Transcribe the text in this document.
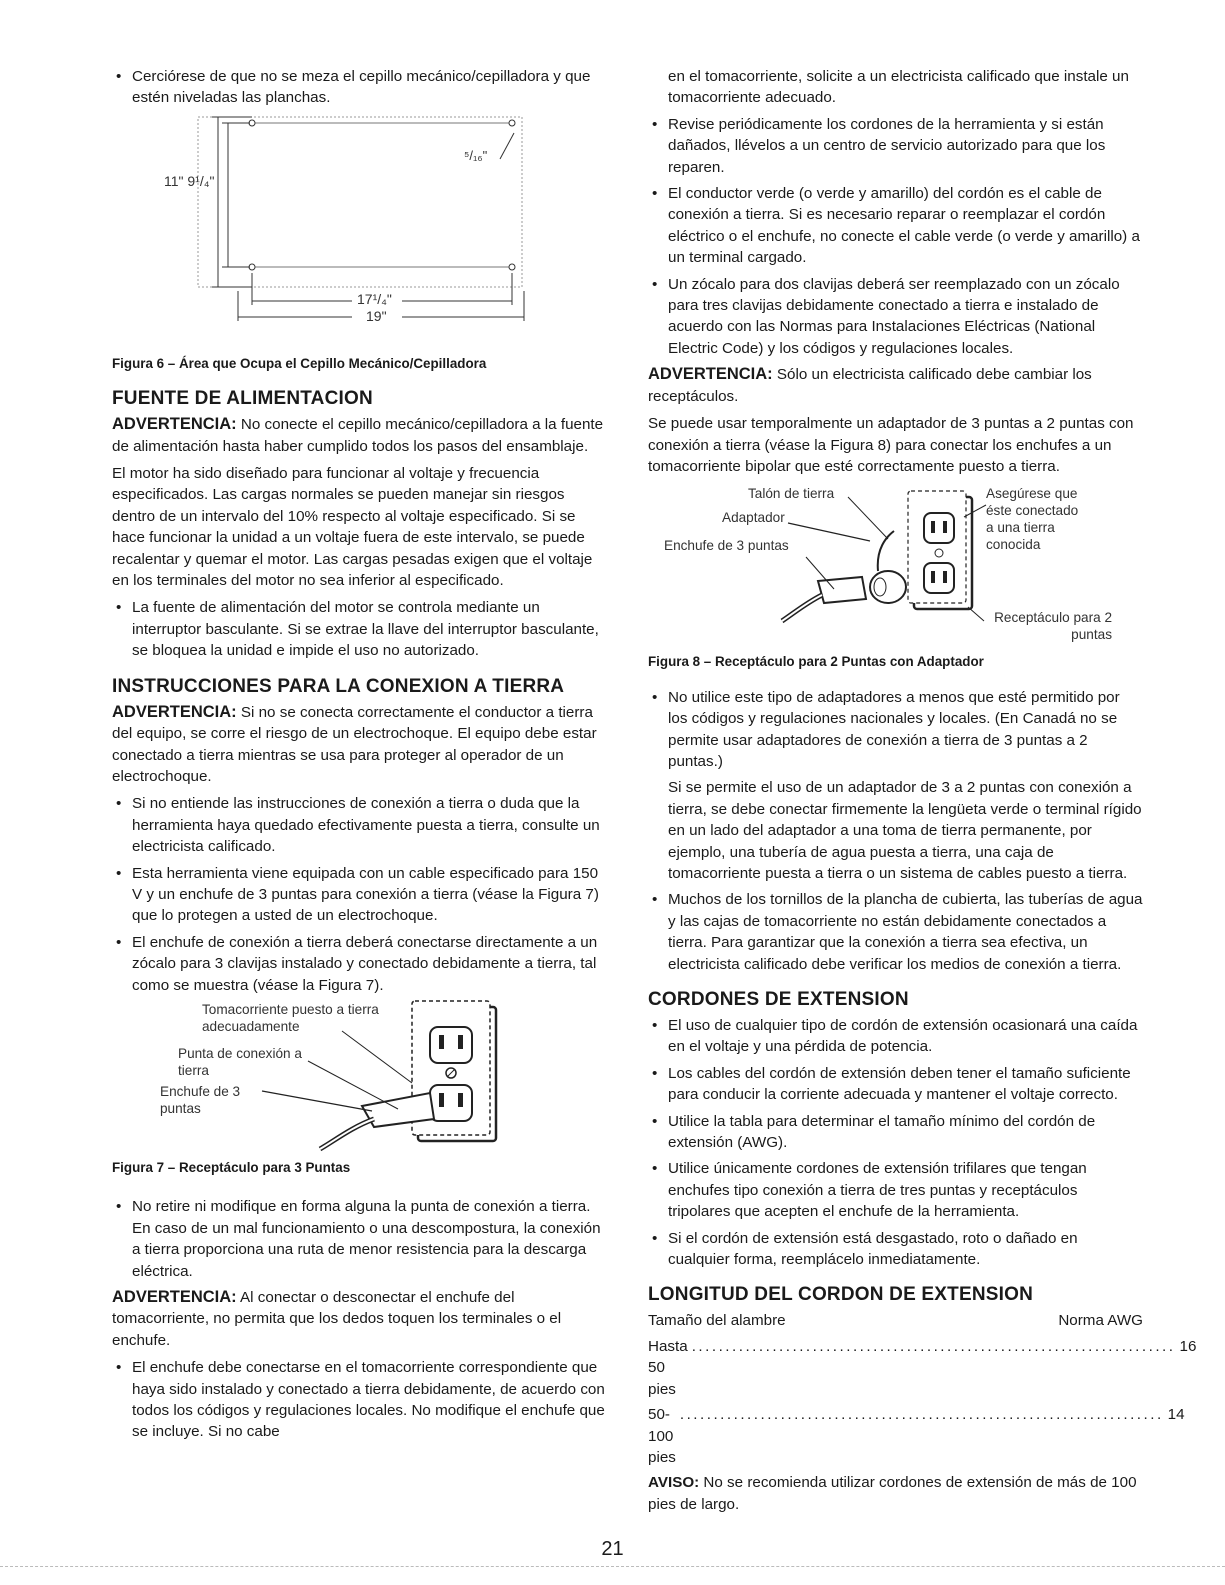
• Cerciórese de que no se meza el cepillo mecánico/cepilladora y que estén niveladas las planchas.
11" 9¹/₄"
⁵/₁₆"
17¹/₄"
19"
Figura 6 – Área que Ocupa el Cepillo Mecánico/Cepilladora
FUENTE DE ALIMENTACION

ADVERTENCIA: No conecte el cepillo mecánico/cepilladora a la fuente de alimentación hasta haber cumplido todos los pasos del ensamblaje.

El motor ha sido diseñado para funcionar al voltaje y frecuencia especificados. Las cargas normales se pueden manejar sin riesgos dentro de un intervalo del 10% respecto al voltaje especificado. Si se hace funcionar la unidad a un voltaje fuera de este intervalo, se puede recalentar y quemar el motor. Las cargas pesadas exigen que el voltaje en los terminales del motor no sea inferior al especificado.

• La fuente de alimentación del motor se controla mediante un interruptor basculante. Si se extrae la llave del interruptor basculante, se bloquea la unidad e impide el uso no autorizado.
INSTRUCCIONES PARA LA CONEXION A TIERRA

ADVERTENCIA: Si no se conecta correctamente el conductor a tierra del equipo, se corre el riesgo de un electrochoque. El equipo debe estar conectado a tierra mientras se usa para proteger al operador de un electrochoque.

• Si no entiende las instrucciones de conexión a tierra o duda que la herramienta haya quedado efectivamente puesta a tierra, consulte un electricista calificado.
• Esta herramienta viene equipada con un cable especificado para 150 V y un enchufe de 3 puntas para conexión a tierra (véase la Figura 7) que lo protegen a usted de un electrochoque.
• El enchufe de conexión a tierra deberá conectarse directamente a un zócalo para 3 clavijas instalado y conectado debidamente a tierra, tal como se muestra (véase la Figura 7).
Tomacorriente puesto a tierra adecuadamente
Punta de conexión a tierra
Enchufe de 3 puntas
Figura 7 – Receptáculo para 3 Puntas
• No retire ni modifique en forma alguna la punta de conexión a tierra. En caso de un mal funcionamiento o una descompostura, la conexión a tierra proporciona una ruta de menor resistencia para la descarga eléctrica.

ADVERTENCIA: Al conectar o desconectar el enchufe del tomacorriente, no permita que los dedos toquen los terminales o el enchufe.

• El enchufe debe conectarse en el tomacorriente correspondiente que haya sido instalado y conectado a tierra debidamente, de acuerdo con todos los códigos y regulaciones locales. No modifique el enchufe que se incluye. Si no cabe
en el tomacorriente, solicite a un electricista calificado que instale un tomacorriente adecuado.
• Revise periódicamente los cordones de la herramienta y si están dañados, llévelos a un centro de servicio autorizado para que los reparen.
• El conductor verde (o verde y amarillo) del cordón es el cable de conexión a tierra. Si es necesario reparar o reemplazar el cordón eléctrico o el enchufe, no conecte el cable verde (o verde y amarillo) a un terminal cargado.
• Un zócalo para dos clavijas deberá ser reemplazado con un zócalo para tres clavijas debidamente conectado a tierra e instalado de acuerdo con las Normas para Instalaciones Eléctricas (National Electric Code) y los códigos y regulaciones locales.

ADVERTENCIA: Sólo un electricista calificado debe cambiar los receptáculos.

Se puede usar temporalmente un adaptador de 3 puntas a 2 puntas con conexión a tierra (véase la Figura 8) para conectar los enchufes a un tomacorriente bipolar que esté correctamente puesto a tierra.

Talón de tierra
Adaptador
Enchufe de 3 puntas
Asegúrese que éste conectado a una tierra conocida
Receptáculo para 2 puntas
Figura 8 – Receptáculo para 2 Puntas con Adaptador
• No utilice este tipo de adaptadores a menos que esté permitido por los códigos y regulaciones nacionales y locales. (En Canadá no se permite usar adaptadores de conexión a tierra de 3 puntas a 2 puntas.)
Si se permite el uso de un adaptador de 3 a 2 puntas con conexión a tierra, se debe conectar firmemente la lengüeta verde o terminal rígido en un lado del adaptador a una toma de tierra permanente, por ejemplo, una tubería de agua puesta a tierra, una caja de tomacorriente puesta a tierra o un sistema de cables puesto a tierra.
• Muchos de los tornillos de la plancha de cubierta, las tuberías de agua y las cajas de tomacorriente no están debidamente conectados a tierra. Para garantizar que la conexión a tierra sea efectiva, un electricista calificado debe verificar los medios de conexión a tierra.
CORDONES DE EXTENSION
• El uso de cualquier tipo de cordón de extensión ocasionará una caída en el voltaje y una pérdida de potencia.
• Los cables del cordón de extensión deben tener el tamaño suficiente para conducir la corriente adecuada y mantener el voltaje correcto.
• Utilice la tabla para determinar el tamaño mínimo del cordón de extensión (AWG).
• Utilice únicamente cordones de extensión trifilares que tengan enchufes tipo conexión a tierra de tres puntas y receptáculos tripolares que acepten el enchufe de la herramienta.
• Si el cordón de extensión está desgastado, roto o dañado en cualquier forma, reemplácelo inmediatamente.
LONGITUD DEL CORDON DE EXTENSION
Tamaño del alambre	Norma AWG
Hasta 50 pies
........................................................................ 16
50-100 pies
........................................................................ 14

AVISO: No se recomienda utilizar cordones de extensión de más de 100 pies de largo.

21
